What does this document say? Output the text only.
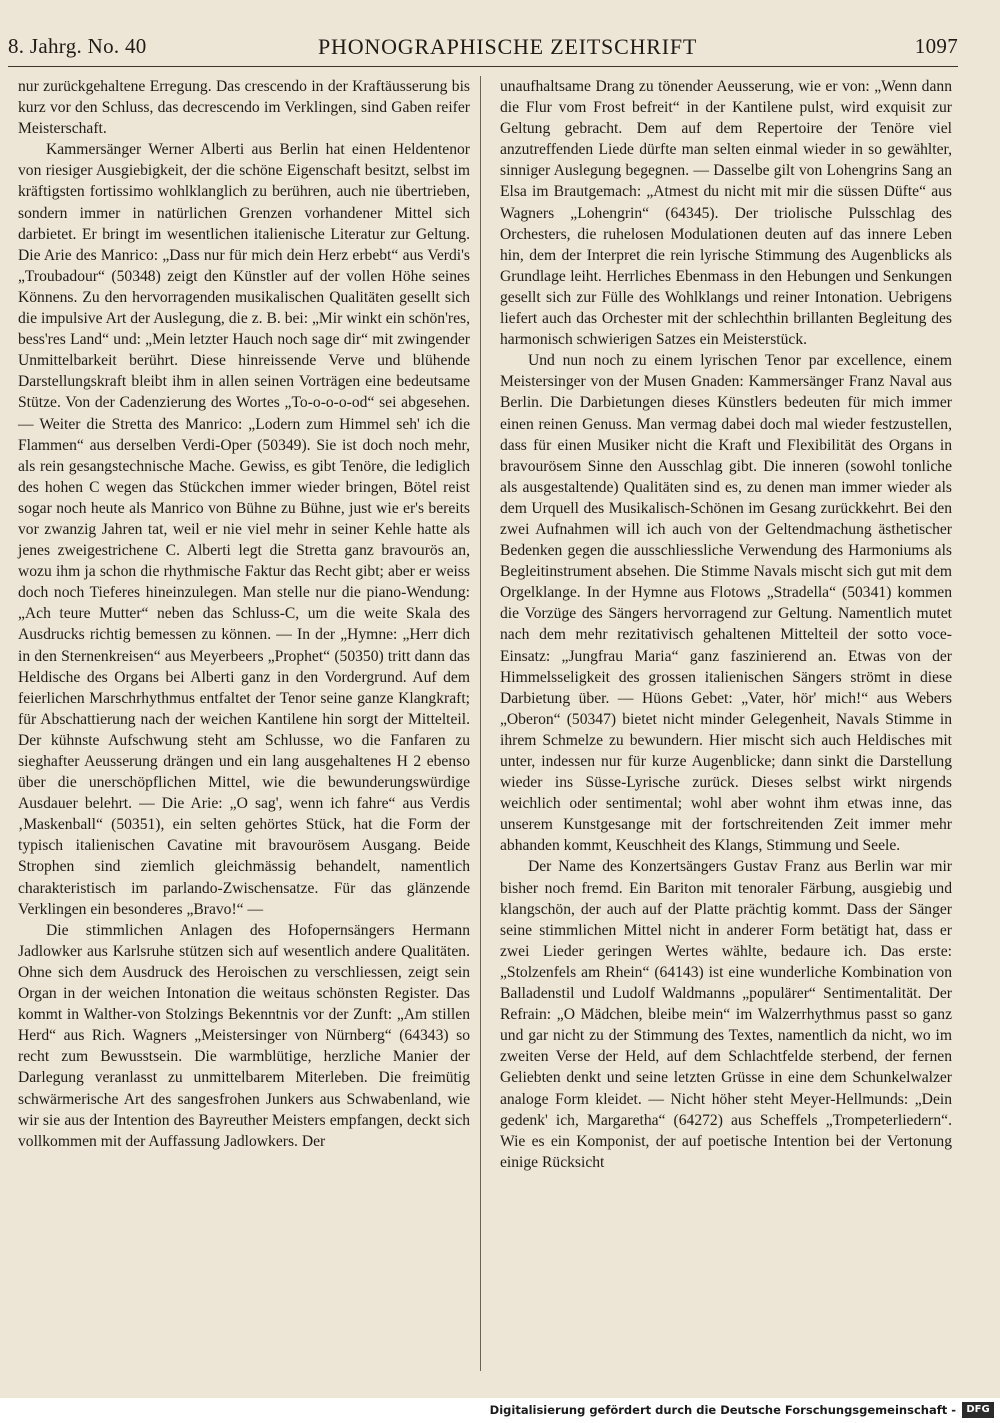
8. Jahrg. No. 40	PHONOGRAPHISCHE ZEITSCHRIFT	1097

nur zurückgehaltene Erregung. Das crescendo in der Kraftäusserung bis kurz vor den Schluss, das decrescendo im Verklingen, sind Gaben reifer Meisterschaft.

Kammersänger Werner Alberti aus Berlin hat einen Heldentenor von riesiger Ausgiebigkeit, der die schöne Eigenschaft besitzt, selbst im kräftigsten fortissimo wohlklanglich zu berühren, auch nie übertrieben, sondern immer in natürlichen Grenzen vorhandener Mittel sich darbietet. Er bringt im wesentlichen italienische Literatur zur Geltung. Die Arie des Manrico: „Dass nur für mich dein Herz erbebt“ aus Verdi's „Troubadour“ (50348) zeigt den Künstler auf der vollen Höhe seines Könnens. Zu den hervorragenden musikalischen Qualitäten gesellt sich die impulsive Art der Auslegung, die z. B. bei: „Mir winkt ein schön'res, bess'res Land“ und: „Mein letzter Hauch noch sage dir“ mit zwingender Unmittelbarkeit berührt. Diese hinreissende Verve und blühende Darstellungskraft bleibt ihm in allen seinen Vorträgen eine bedeutsame Stütze. Von der Cadenzierung des Wortes „To-o-o-o-od“ sei abgesehen. — Weiter die Stretta des Manrico: „Lodern zum Himmel seh' ich die Flammen“ aus derselben Verdi-Oper (50349). Sie ist doch noch mehr, als rein gesangstechnische Mache. Gewiss, es gibt Tenöre, die lediglich des hohen C wegen das Stückchen immer wieder bringen, Bötel reist sogar noch heute als Manrico von Bühne zu Bühne, just wie er's bereits vor zwanzig Jahren tat, weil er nie viel mehr in seiner Kehle hatte als jenes zweigestrichene C. Alberti legt die Stretta ganz bravourös an, wozu ihm ja schon die rhythmische Faktur das Recht gibt; aber er weiss doch noch Tieferes hineinzulegen. Man stelle nur die piano-Wendung: „Ach teure Mutter“ neben das Schluss-C, um die weite Skala des Ausdrucks richtig bemessen zu können. — In der „Hymne: „Herr dich in den Sternenkreisen“ aus Meyerbeers „Prophet“ (50350) tritt dann das Heldische des Organs bei Alberti ganz in den Vordergrund. Auf dem feierlichen Marschrhythmus entfaltet der Tenor seine ganze Klangkraft; für Abschattierung nach der weichen Kantilene hin sorgt der Mittelteil. Der kühnste Aufschwung steht am Schlusse, wo die Fanfaren zu sieghafter Aeusserung drängen und ein lang ausgehaltenes H 2 ebenso über die unerschöpflichen Mittel, wie die bewunderungswürdige Ausdauer belehrt. — Die Arie: „O sag', wenn ich fahre“ aus Verdis ‚Maskenball“ (50351), ein selten gehörtes Stück, hat die Form der typisch italienischen Cavatine mit bravourösem Ausgang. Beide Strophen sind ziemlich gleichmässig behandelt, namentlich charakteristisch im parlando-Zwischensatze. Für das glänzende Verklingen ein besonderes „Bravo!“ —

Die stimmlichen Anlagen des Hofopernsängers Hermann Jadlowker aus Karlsruhe stützen sich auf wesentlich andere Qualitäten. Ohne sich dem Ausdruck des Heroischen zu verschliessen, zeigt sein Organ in der weichen Intonation die weitaus schönsten Register. Das kommt in Walther-von Stolzings Bekenntnis vor der Zunft: „Am stillen Herd“ aus Rich. Wagners „Meistersinger von Nürnberg“ (64343) so recht zum Bewusstsein. Die warmblütige, herzliche Manier der Darlegung veranlasst zu unmittelbarem Miterleben. Die freimütig schwärmerische Art des sangesfrohen Junkers aus Schwabenland, wie wir sie aus der Intention des Bayreuther Meisters empfangen, deckt sich vollkommen mit der Auffassung Jadlowkers. Der

unaufhaltsame Drang zu tönender Aeusserung, wie er von: „Wenn dann die Flur vom Frost befreit“ in der Kantilene pulst, wird exquisit zur Geltung gebracht. Dem auf dem Repertoire der Tenöre viel anzutreffenden Liede dürfte man selten einmal wieder in so gewählter, sinniger Auslegung begegnen. — Dasselbe gilt von Lohengrins Sang an Elsa im Brautgemach: „Atmest du nicht mit mir die süssen Düfte“ aus Wagners „Lohengrin“ (64345). Der triolische Pulsschlag des Orchesters, die ruhelosen Modulationen deuten auf das innere Leben hin, dem der Interpret die rein lyrische Stimmung des Augenblicks als Grundlage leiht. Herrliches Ebenmass in den Hebungen und Senkungen gesellt sich zur Fülle des Wohlklangs und reiner Intonation. Uebrigens liefert auch das Orchester mit der schlechthin brillanten Begleitung des harmonisch schwierigen Satzes ein Meisterstück.

Und nun noch zu einem lyrischen Tenor par excellence, einem Meistersinger von der Musen Gnaden: Kammersänger Franz Naval aus Berlin. Die Darbietungen dieses Künstlers bedeuten für mich immer einen reinen Genuss. Man vermag dabei doch mal wieder festzustellen, dass für einen Musiker nicht die Kraft und Flexibilität des Organs in bravourösem Sinne den Ausschlag gibt. Die inneren (sowohl tonliche als ausgestaltende) Qualitäten sind es, zu denen man immer wieder als dem Urquell des Musikalisch-Schönen im Gesang zurückkehrt. Bei den zwei Aufnahmen will ich auch von der Geltendmachung ästhetischer Bedenken gegen die ausschliessliche Verwendung des Harmoniums als Begleitinstrument absehen. Die Stimme Navals mischt sich gut mit dem Orgelklange. In der Hymne aus Flotows „Stradella“ (50341) kommen die Vorzüge des Sängers hervorragend zur Geltung. Namentlich mutet nach dem mehr rezitativisch gehaltenen Mittelteil der sotto voce-Einsatz: „Jungfrau Maria“ ganz faszinierend an. Etwas von der Himmelsseligkeit des grossen italienischen Sängers strömt in diese Darbietung über. — Hüons Gebet: „Vater, hör' mich!“ aus Webers „Oberon“ (50347) bietet nicht minder Gelegenheit, Navals Stimme in ihrem Schmelze zu bewundern. Hier mischt sich auch Heldisches mit unter, indessen nur für kurze Augenblicke; dann sinkt die Darstellung wieder ins Süsse-Lyrische zurück. Dieses selbst wirkt nirgends weichlich oder sentimental; wohl aber wohnt ihm etwas inne, das unserem Kunstgesange mit der fortschreitenden Zeit immer mehr abhanden kommt, Keuschheit des Klangs, Stimmung und Seele.

Der Name des Konzertsängers Gustav Franz aus Berlin war mir bisher noch fremd. Ein Bariton mit tenoraler Färbung, ausgiebig und klangschön, der auch auf der Platte prächtig kommt. Dass der Sänger seine stimmlichen Mittel nicht in anderer Form betätigt hat, dass er zwei Lieder geringen Wertes wählte, bedaure ich. Das erste: „Stolzenfels am Rhein“ (64143) ist eine wunderliche Kombination von Balladenstil und Ludolf Waldmanns „populärer“ Sentimentalität. Der Refrain: „O Mädchen, bleibe mein“ im Walzerrhythmus passt so ganz und gar nicht zu der Stimmung des Textes, namentlich da nicht, wo im zweiten Verse der Held, auf dem Schlachtfelde sterbend, der fernen Geliebten denkt und seine letzten Grüsse in eine dem Schunkelwalzer analoge Form kleidet. — Nicht höher steht Meyer-Hellmunds: „Dein gedenk' ich, Margaretha“ (64272) aus Scheffels „Trompeterliedern“. Wie es ein Komponist, der auf poetische Intention bei der Vertonung einige Rücksicht

Digitalisierung gefördert durch die Deutsche Forschungsgemeinschaft -	DFG
